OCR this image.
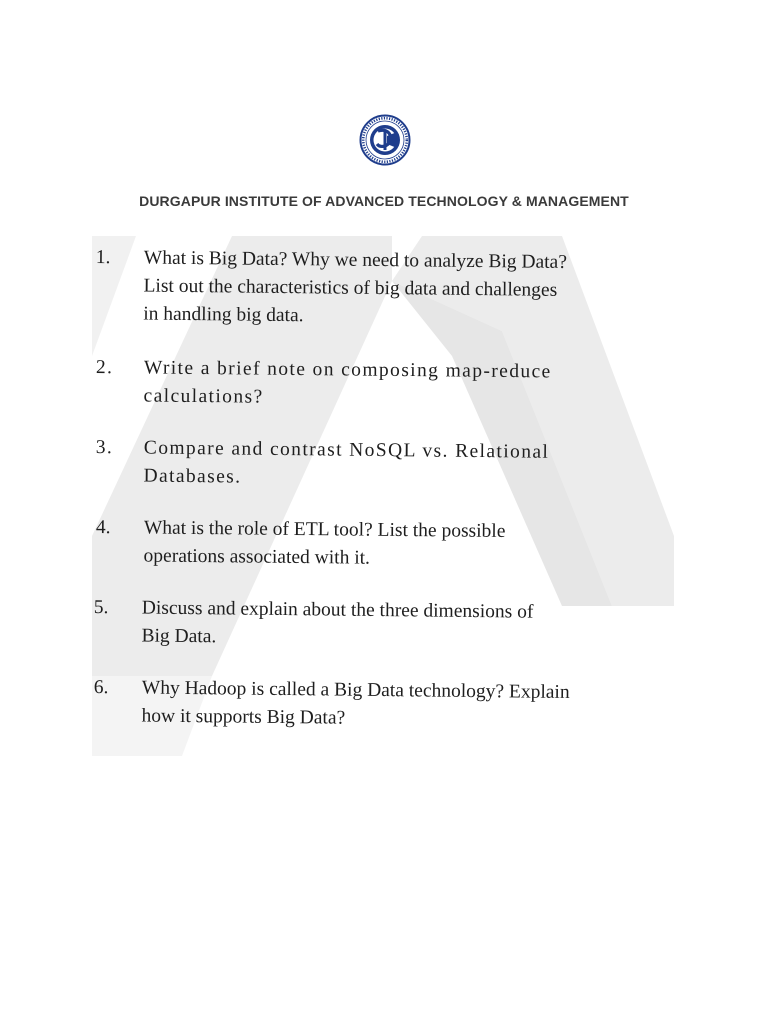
DURGAPUR INSTITUTE OF ADVANCED TECHNOLOGY & MANAGEMENT
1. What is Big Data? Why we need to analyze Big Data?
List out the characteristics of big data and challenges
in handling big data.
2. Write a brief note on composing map-reduce
calculations?
3. Compare and contrast NoSQL vs. Relational
Databases.
4. What is the role of ETL tool? List the possible
operations associated with it.
5. Discuss and explain about the three dimensions of
Big Data.
6. Why Hadoop is called a Big Data technology? Explain
how it supports Big Data?
